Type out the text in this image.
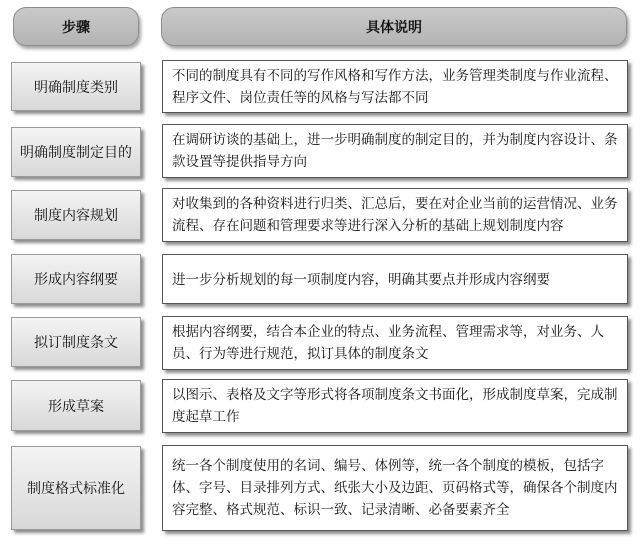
步骤	具体说明
明确制度类别
不同的制度具有不同的写作风格和写作方法，业务管理类制度与作业流程、程序文件、岗位责任等的风格与写法都不同
明确制度制定目的
在调研访谈的基础上，进一步明确制度的制定目的，并为制度内容设计、条款设置等提供指导方向
制度内容规划
对收集到的各种资料进行归类、汇总后，要在对企业当前的运营情况、业务流程、存在问题和管理要求等进行深入分析的基础上规划制度内容
形成内容纲要	进一步分析规划的每一项制度内容，明确其要点并形成内容纲要
拟订制度条文
根据内容纲要，结合本企业的特点、业务流程、管理需求等，对业务、人员、行为等进行规范，拟订具体的制度条文
形成草案
以图示、表格及文字等形式将各项制度条文书面化，形成制度草案，完成制度起草工作
制度格式标准化
统一各个制度使用的名词、编号、体例等，统一各个制度的模板，包括字体、字号、目录排列方式、纸张大小及边距、页码格式等，确保各个制度内容完整、格式规范、标识一致、记录清晰、必备要素齐全
